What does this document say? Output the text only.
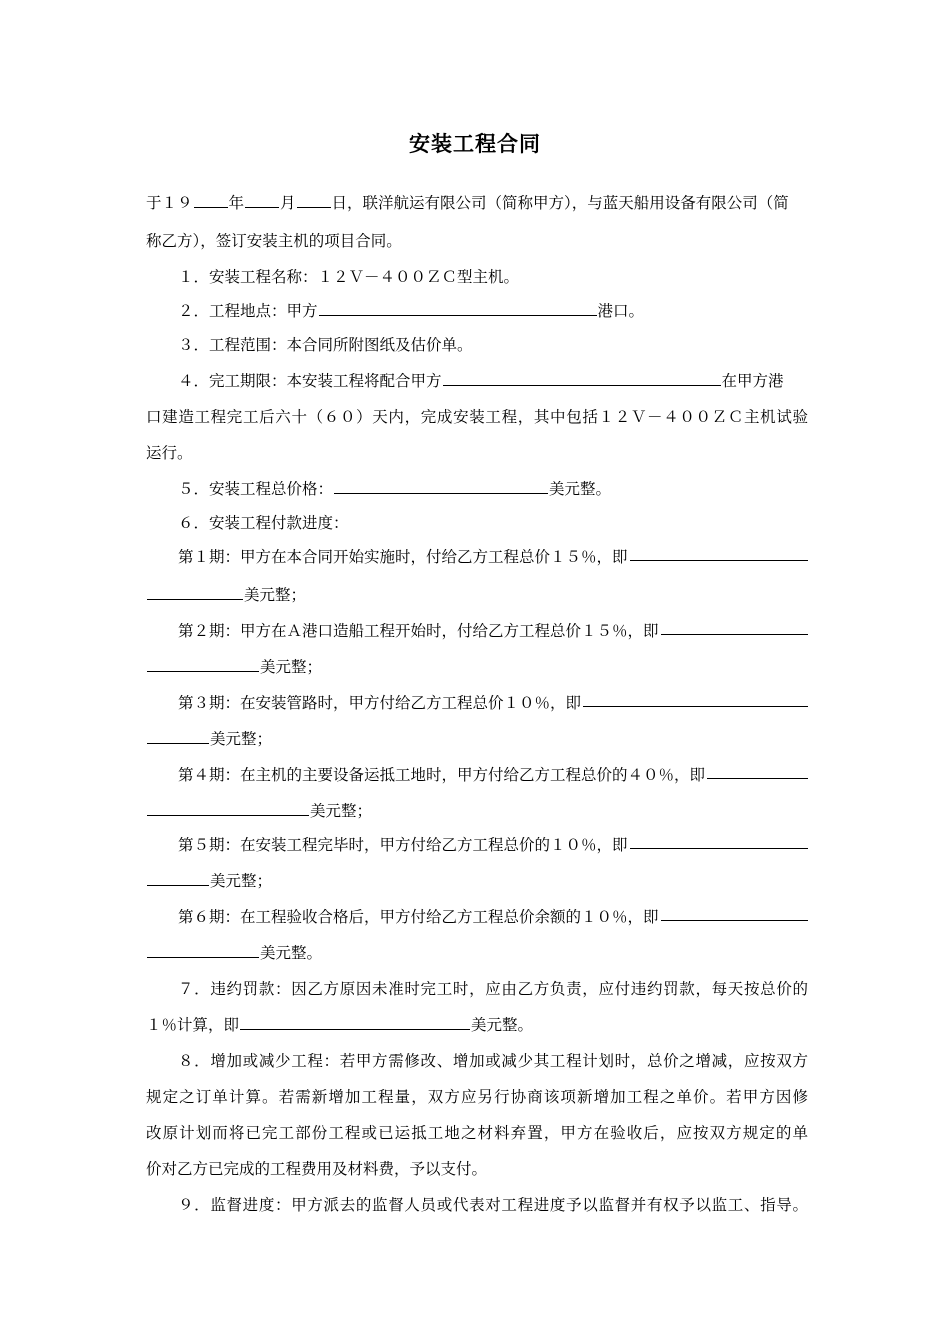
安装工程合同
于１９ 年 月 日，联洋航运有限公司（简称甲方），与蓝天船用设备有限公司（简
称乙方），签订安装主机的项目合同。
１．安装工程名称：１２Ｖ－４００ＺＣ型主机。
２．工程地点：甲方	港口。
３．工程范围：本合同所附图纸及估价单。
４．完工期限：本安装工程将配合甲方	在甲方港
口建造工程完工后六十（６０）天内，完成安装工程，其中包括１２Ｖ－４００ＺＣ主机试验
运行。
５．安装工程总价格：	美元整。
６．安装工程付款进度：
第１期：甲方在本合同开始实施时，付给乙方工程总价１５％，即
美元整；
第２期：甲方在Ａ港口造船工程开始时，付给乙方工程总价１５％，即
美元整；
第３期：在安装管路时，甲方付给乙方工程总价１０％，即
美元整；
第４期：在主机的主要设备运抵工地时，甲方付给乙方工程总价的４０％，即
美元整；
第５期：在安装工程完毕时，甲方付给乙方工程总价的１０％，即
美元整；
第６期：在工程验收合格后，甲方付给乙方工程总价余额的１０％，即
美元整。
７．违约罚款：因乙方原因未准时完工时，应由乙方负责，应付违约罚款，每天按总价的
１％计算，即	美元整。
８．增加或减少工程：若甲方需修改、增加或减少其工程计划时，总价之增减，应按双方
规定之订单计算。若需新增加工程量，双方应另行协商该项新增加工程之单价。若甲方因修
改原计划而将已完工部份工程或已运抵工地之材料弃置，甲方在验收后，应按双方规定的单
价对乙方已完成的工程费用及材料费，予以支付。
９．监督进度：甲方派去的监督人员或代表对工程进度予以监督并有权予以监工、指导。
